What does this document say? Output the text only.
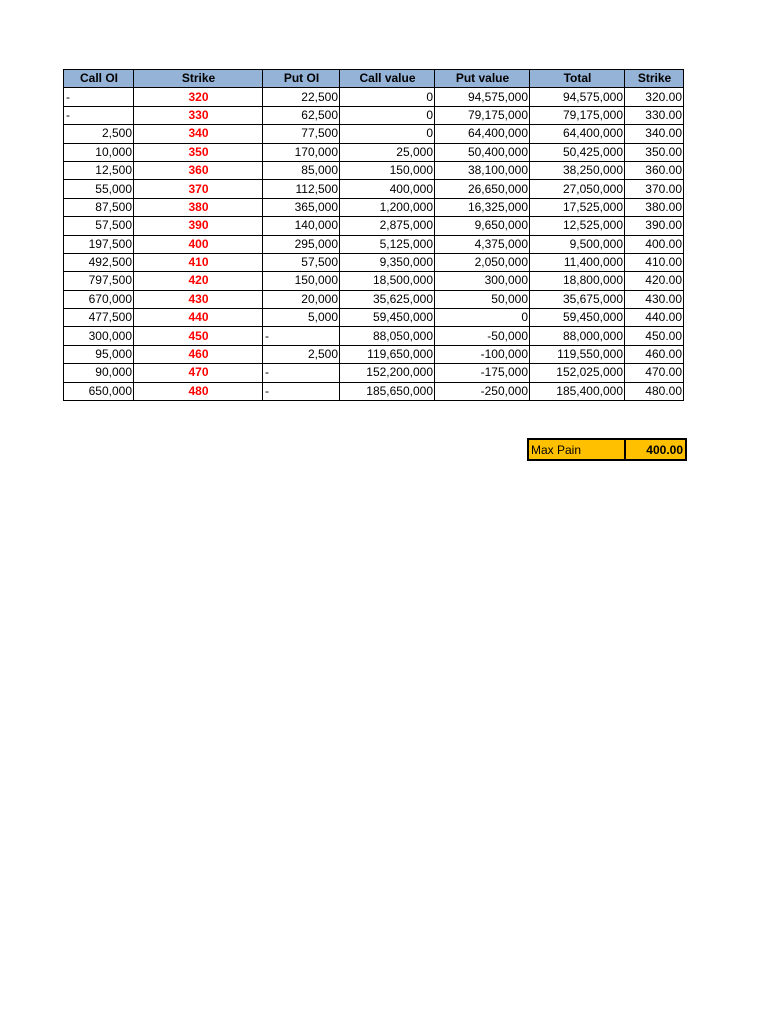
Call OI	Strike	Put OI	Call value	Put value	Total	Strike
-	320	22,500	0	94,575,000	94,575,000	320.00
-	330	62,500	0	79,175,000	79,175,000	330.00
2,500	340	77,500	0	64,400,000	64,400,000	340.00
10,000	350	170,000	25,000	50,400,000	50,425,000	350.00
12,500	360	85,000	150,000	38,100,000	38,250,000	360.00
55,000	370	112,500	400,000	26,650,000	27,050,000	370.00
87,500	380	365,000	1,200,000	16,325,000	17,525,000	380.00
57,500	390	140,000	2,875,000	9,650,000	12,525,000	390.00
197,500	400	295,000	5,125,000	4,375,000	9,500,000	400.00
492,500	410	57,500	9,350,000	2,050,000	11,400,000	410.00
797,500	420	150,000	18,500,000	300,000	18,800,000	420.00
670,000	430	20,000	35,625,000	50,000	35,675,000	430.00
477,500	440	5,000	59,450,000	0	59,450,000	440.00
300,000	450	-	88,050,000	-50,000	88,000,000	450.00
95,000	460	2,500	119,650,000	-100,000	119,550,000	460.00
90,000	470	-	152,200,000	-175,000	152,025,000	470.00
650,000	480	-	185,650,000	-250,000	185,400,000	480.00
Max Pain	400.00
